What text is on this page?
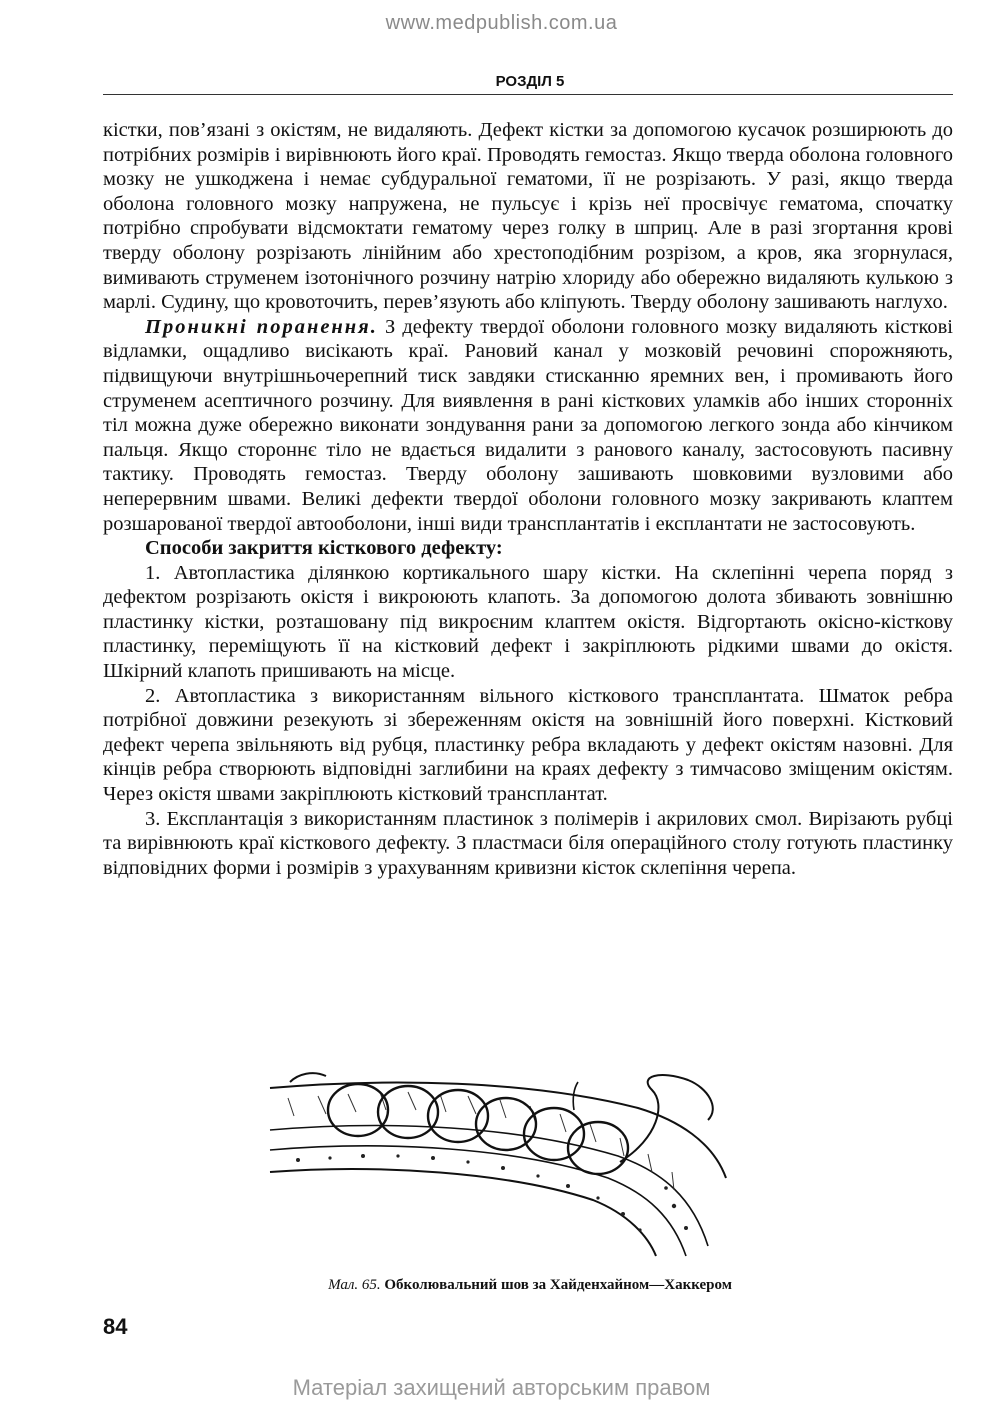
www.medpublish.com.ua
РОЗДІЛ 5

кістки, пов’язані з окістям, не видаляють. Дефект кістки за допомогою кусачок розширюють до потрібних розмірів і вирівнюють його краї. Проводять гемостаз. Якщо тверда оболона головного мозку не ушкоджена і немає субдуральної гематоми, її не розрізають. У разі, якщо тверда оболона головного мозку напружена, не пульсує і крізь неї просвічує гематома, спочатку потрібно спробувати відсмоктати гематому через голку в шприц. Але в разі згортання крові тверду оболону розрізають лінійним або хрестоподібним розрізом, а кров, яка згорнулася, вимивають струменем ізотонічного розчину натрію хлориду або обережно видаляють кулькою з марлі. Судину, що кровоточить, перев’язують або кліпують. Тверду оболону зашивають наглухо.

Проникні поранення. З дефекту твердої оболони головного мозку видаляють кісткові відламки, ощадливо висікають краї. Рановий канал у мозковій речовині спорожняють, підвищуючи внутрішньочерепний тиск завдяки стисканню яремних вен, і промивають його струменем асептичного розчину. Для виявлення в рані кісткових уламків або інших сторонніх тіл можна дуже обережно виконати зондування рани за допомогою легкого зонда або кінчиком пальця. Якщо стороннє тіло не вдається видалити з ранового каналу, застосовують пасивну тактику. Проводять гемостаз. Тверду оболону зашивають шовковими вузловими або неперервним швами. Великі дефекти твердої оболони головного мозку закривають клаптем розшарованої твердої автооболони, інші види трансплантатів і експлантати не застосовують.

Способи закриття кісткового дефекту:

1. Автопластика ділянкою кортикального шару кістки. На склепінні черепа поряд з дефектом розрізають окістя і викроюють клапоть. За допомогою долота збивають зовнішню пластинку кістки, розташовану під викроєним клаптем окістя. Відгортають окісно-кісткову пластинку, переміщують її на кістковий дефект і закріплюють рідкими швами до окістя. Шкірний клапоть пришивають на місце.

2. Автопластика з використанням вільного кісткового трансплантата. Шматок ребра потрібної довжини резекують зі збереженням окістя на зовнішній його поверхні. Кістковий дефект черепа звільняють від рубця, пластинку ребра вкладають у дефект окістям назовні. Для кінців ребра створюють відповідні заглибини на краях дефекту з тимчасово зміщеним окістям. Через окістя швами закріплюють кістковий трансплантат.

3. Експлантація з використанням пластинок з полімерів і акрилових смол. Вирізають рубці та вирівнюють краї кісткового дефекту. З пластмаси біля операційного столу готують пластинку відповідних форми і розмірів з урахуванням кривизни кісток склепіння черепа.

Мал. 65. Обколювальний шов за Хайденхайном—Хаккером
84
Матеріал захищений авторським правом
